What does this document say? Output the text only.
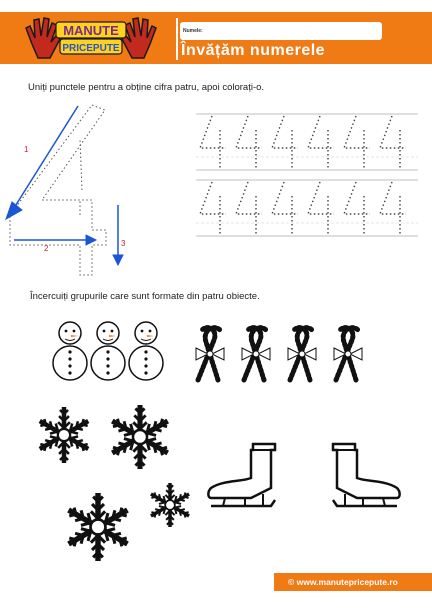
MANUTE
PRICEPUTE
Numele:
Învățăm numerele
Uniți punctele pentru a obține cifra patru, apoi colorați-o.
1
2
3
Încercuiți grupurile care sunt formate din patru obiecte.
© www.manutepricepute.ro
